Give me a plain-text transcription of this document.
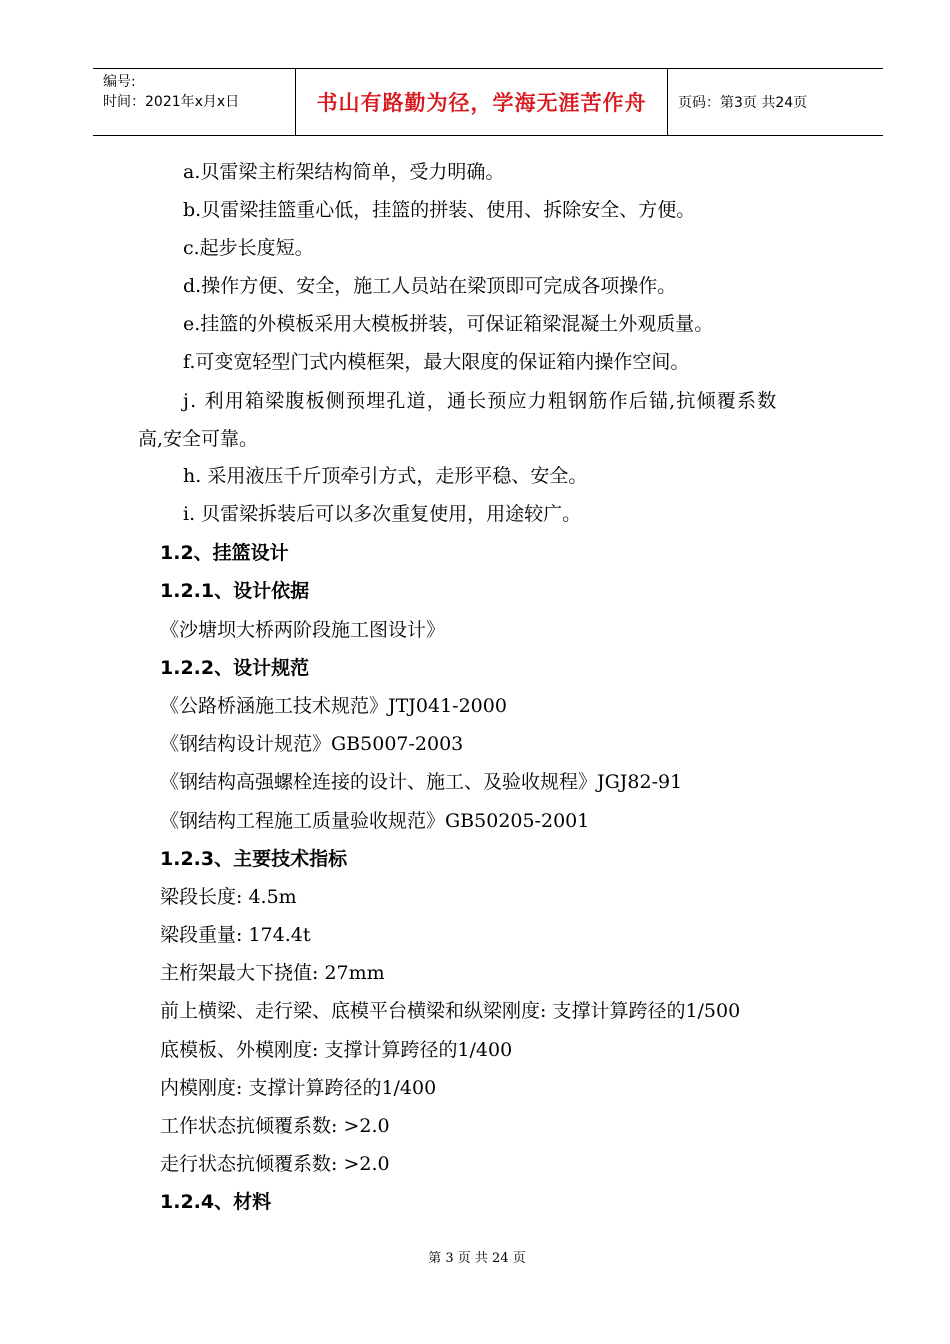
编号:
时间：2021年x月x日	书山有路勤为径，学海无涯苦作舟	页码：第3页 共24页
a.贝雷梁主桁架结构简单，受力明确。
b.贝雷梁挂篮重心低，挂篮的拼装、使用、拆除安全、方便。
c.起步长度短。
d.操作方便、安全，施工人员站在梁顶即可完成各项操作。
e.挂篮的外模板采用大模板拼装，可保证箱梁混凝土外观质量。
f.可变宽轻型门式内模框架，最大限度的保证箱内操作空间。
j. 利用箱梁腹板侧预埋孔道，通长预应力粗钢筋作后锚,抗倾覆系数
高,安全可靠。
h. 采用液压千斤顶牵引方式，走形平稳、安全。
i. 贝雷梁拆装后可以多次重复使用，用途较广。
1.2、挂篮设计
1.2.1、设计依据
《沙塘坝大桥两阶段施工图设计》
1.2.2、设计规范
《公路桥涵施工技术规范》JTJ041-2000
《钢结构设计规范》GB5007-2003
《钢结构高强螺栓连接的设计、施工、及验收规程》JGJ82-91
《钢结构工程施工质量验收规范》GB50205-2001
1.2.3、主要技术指标
梁段长度: 4.5m
梁段重量: 174.4t
主桁架最大下挠值: 27mm
前上横梁、走行梁、底模平台横梁和纵梁刚度: 支撑计算跨径的1/500
底模板、外模刚度: 支撑计算跨径的1/400
内模刚度: 支撑计算跨径的1/400
工作状态抗倾覆系数: >2.0
走行状态抗倾覆系数: >2.0
1.2.4、材料
第 3 页 共 24 页
